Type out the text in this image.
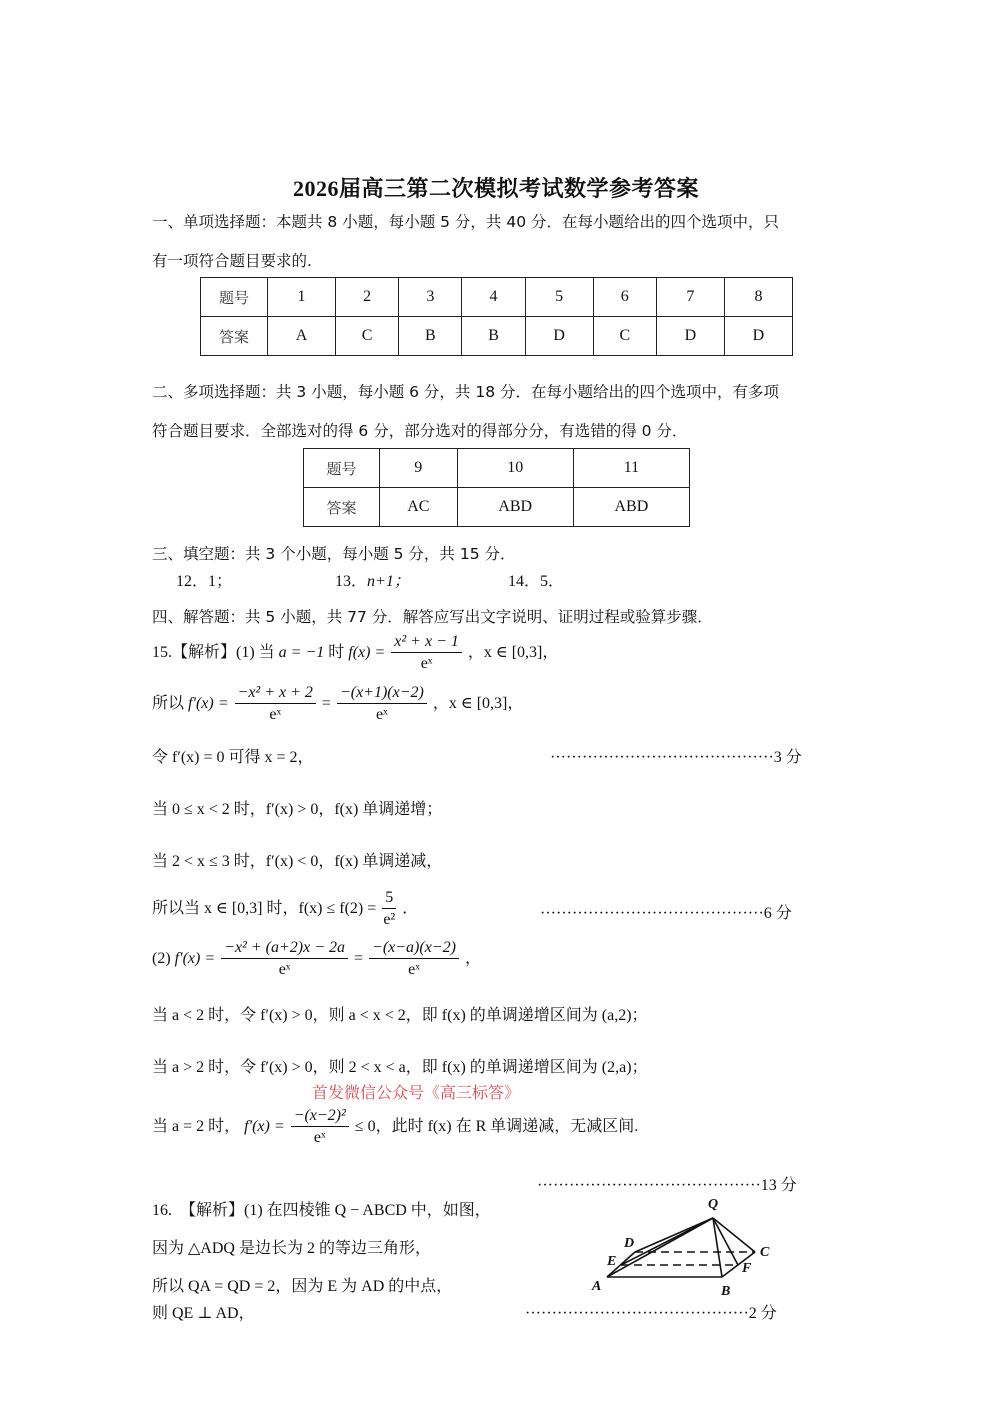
2026届高三第二次模拟考试数学参考答案
一、单项选择题：本题共 8 小题，每小题 5 分，共 40 分．在每小题给出的四个选项中，只
有一项符合题目要求的.
题号	1	2	3	4	5	6	7	8
答案	A	C	B	B	D	C	D	D
二、多项选择题：共 3 小题，每小题 6 分，共 18 分．在每小题给出的四个选项中，有多项
符合题目要求．全部选对的得 6 分，部分选对的得部分分，有选错的得 0 分．
题号	9	10	11
答案	AC	ABD	ABD
三、填空题：共 3 个小题，每小题 5 分，共 15 分．
12．1；	13．n+1；	14．5．
四、解答题：共 5 小题，共 77 分．解答应写出文字说明、证明过程或验算步骤．
15.【解析】(1) 当 a = −1 时 $f(x) = \frac{\text{x² + x − 1}}{\text{eˣ}}$ ，x ∈ [0,3]，
所以 $f'(x) = \frac{\text{−x² + x + 2}}{\text{eˣ}} = \frac{-(x+1)(x-2)}{\text{eˣ}}$ ，x ∈ [0,3]，
令 f′(x) = 0 可得 x = 2，	··········································3 分
当 0 ≤ x < 2 时，f′(x) > 0，f(x) 单调递增；
当 2 < x ≤ 3 时，f′(x) < 0，f(x) 单调递减，
所以当 x ∈ [0,3] 时，$f(x) \le f(2) = \frac{5}{\text{e²}}$ ．	··········································6 分
(2) $f'(x) = \frac{\text{−x² + (a+2)x − 2a}}{\text{eˣ}} = \frac{-(x-a)(x-2)}{\text{eˣ}}$ ，
当 a < 2 时，令 f′(x) > 0，则 a < x < 2，即 f(x) 的单调递增区间为 (a,2)；
当 a > 2 时，令 f′(x) > 0，则 2 < x < a，即 f(x) 的单调递增区间为 (2,a)；
首发微信公众号《高三标答》
当 a = 2 时， $f'(x) = \frac{\text{−(x−2)²}}{\text{eˣ}} \le 0$，此时 f(x) 在 R 单调递减，无减区间.
··········································13 分
16.　【解析】(1) 在四棱锥 Q − ABCD 中，如图，
因为 △ADQ 是边长为 2 的等边三角形，
所以 QA = QD = 2，因为 E 为 AD 的中点，
则 QE ⊥ AD，	··········································2 分
Q
D
E
C
F
A	B
